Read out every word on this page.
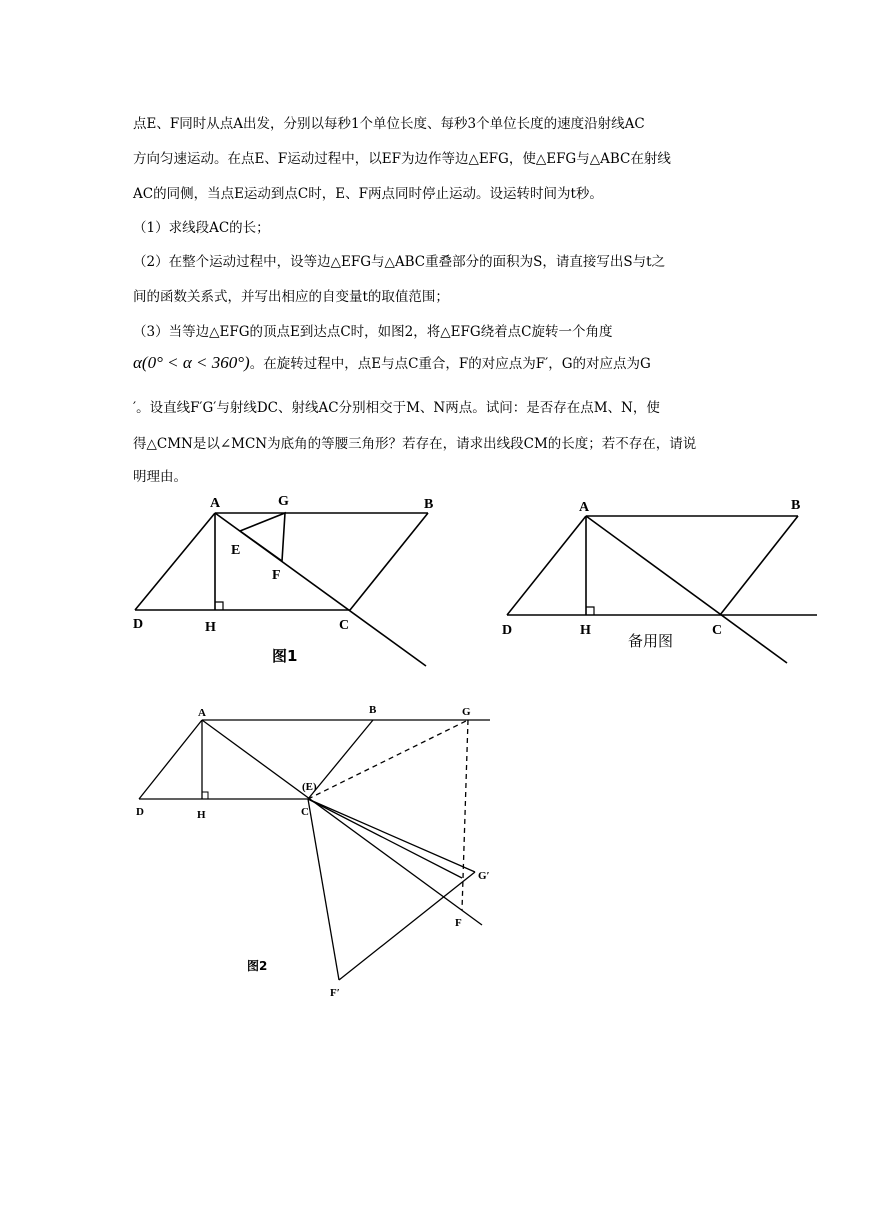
点E、F同时从点A出发，分别以每秒1个单位长度、每秒3个单位长度的速度沿射线AC
方向匀速运动。在点E、F运动过程中，以EF为边作等边△EFG，使△EFG与△ABC在射线
AC的同侧，当点E运动到点C时，E、F两点同时停止运动。设运转时间为t秒。
（1）求线段AC的长；
（2）在整个运动过程中，设等边△EFG与△ABC重叠部分的面积为S，请直接写出S与t之
间的函数关系式，并写出相应的自变量t的取值范围；
（3）当等边△EFG的顶点E到达点C时，如图2，将△EFG绕着点C旋转一个角度
α(0° < α < 360°)。在旋转过程中，点E与点C重合，F的对应点为F′，G的对应点为G
′。设直线F′G′与射线DC、射线AC分别相交于M、N两点。试问：是否存在点M、N，使
得△CMN是以∠MCN为底角的等腰三角形？若存在，请求出线段CM的长度；若不存在，请说
明理由。
A	G	B
E
F
D	H	C
图1
A	B
D	H	C
备用图
A	B	G
(E)
D	H	C
G′
F
F′
图2
